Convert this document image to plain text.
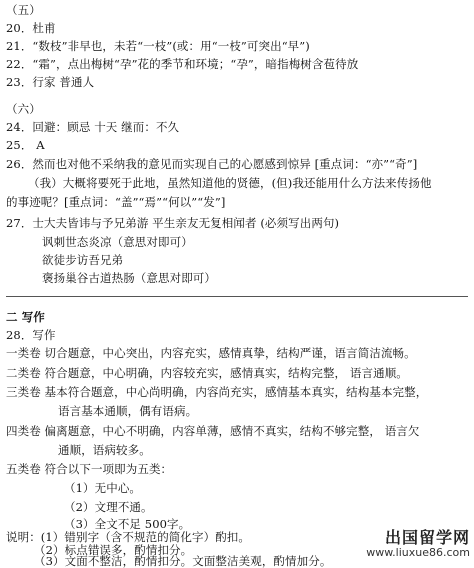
（五）
20．杜甫
21．“数枝”非早也，未若“一枝”(或：用“一枝”可突出“早”)
22．“霜”，点出梅树“孕”花的季节和环境；“孕”，暗指梅树含苞待放
23．行家 普通人
（六）
24．回避：顾忌 十天 继而：不久
25． A
26．然而也对他不采纳我的意见而实现自己的心愿感到惊异 [重点词：“亦”“奇”]
（我）大概将要死于此地，虽然知道他的贤德，(但)我还能用什么方法来传扬他
的事迹呢？[重点词：“盖”“焉”“何以”“发”]
27．士大夫皆讳与予兄弟游 平生亲友无复相闻者 (必须写出两句)
讽刺世态炎凉（意思对即可）
欲徒步访吾兄弟
褒扬巢谷古道热肠（意思对即可）
二 写作
28．写作
一类卷 切合题意，中心突出，内容充实，感情真挚，结构严谨，语言简洁流畅。
二类卷 符合题意，中心明确，内容较充实，感情真实，结构完整， 语言通顺。
三类卷 基本符合题意，中心尚明确，内容尚充实，感情基本真实，结构基本完整，
语言基本通顺，偶有语病。
四类卷 偏离题意，中心不明确，内容单薄，感情不真实，结构不够完整， 语言欠
通顺，语病较多。
五类卷 符合以下一项即为五类：
（1）无中心。
（2）文理不通。
（3）全文不足 500字。
说明：(1）错别字（含不规范的简化字）酌扣。
（2）标点错误多，酌情扣分。
（3）文面不整洁，酌情扣分。文面整洁美观，酌情加分。
出国留学网
www.liuxue86.com
